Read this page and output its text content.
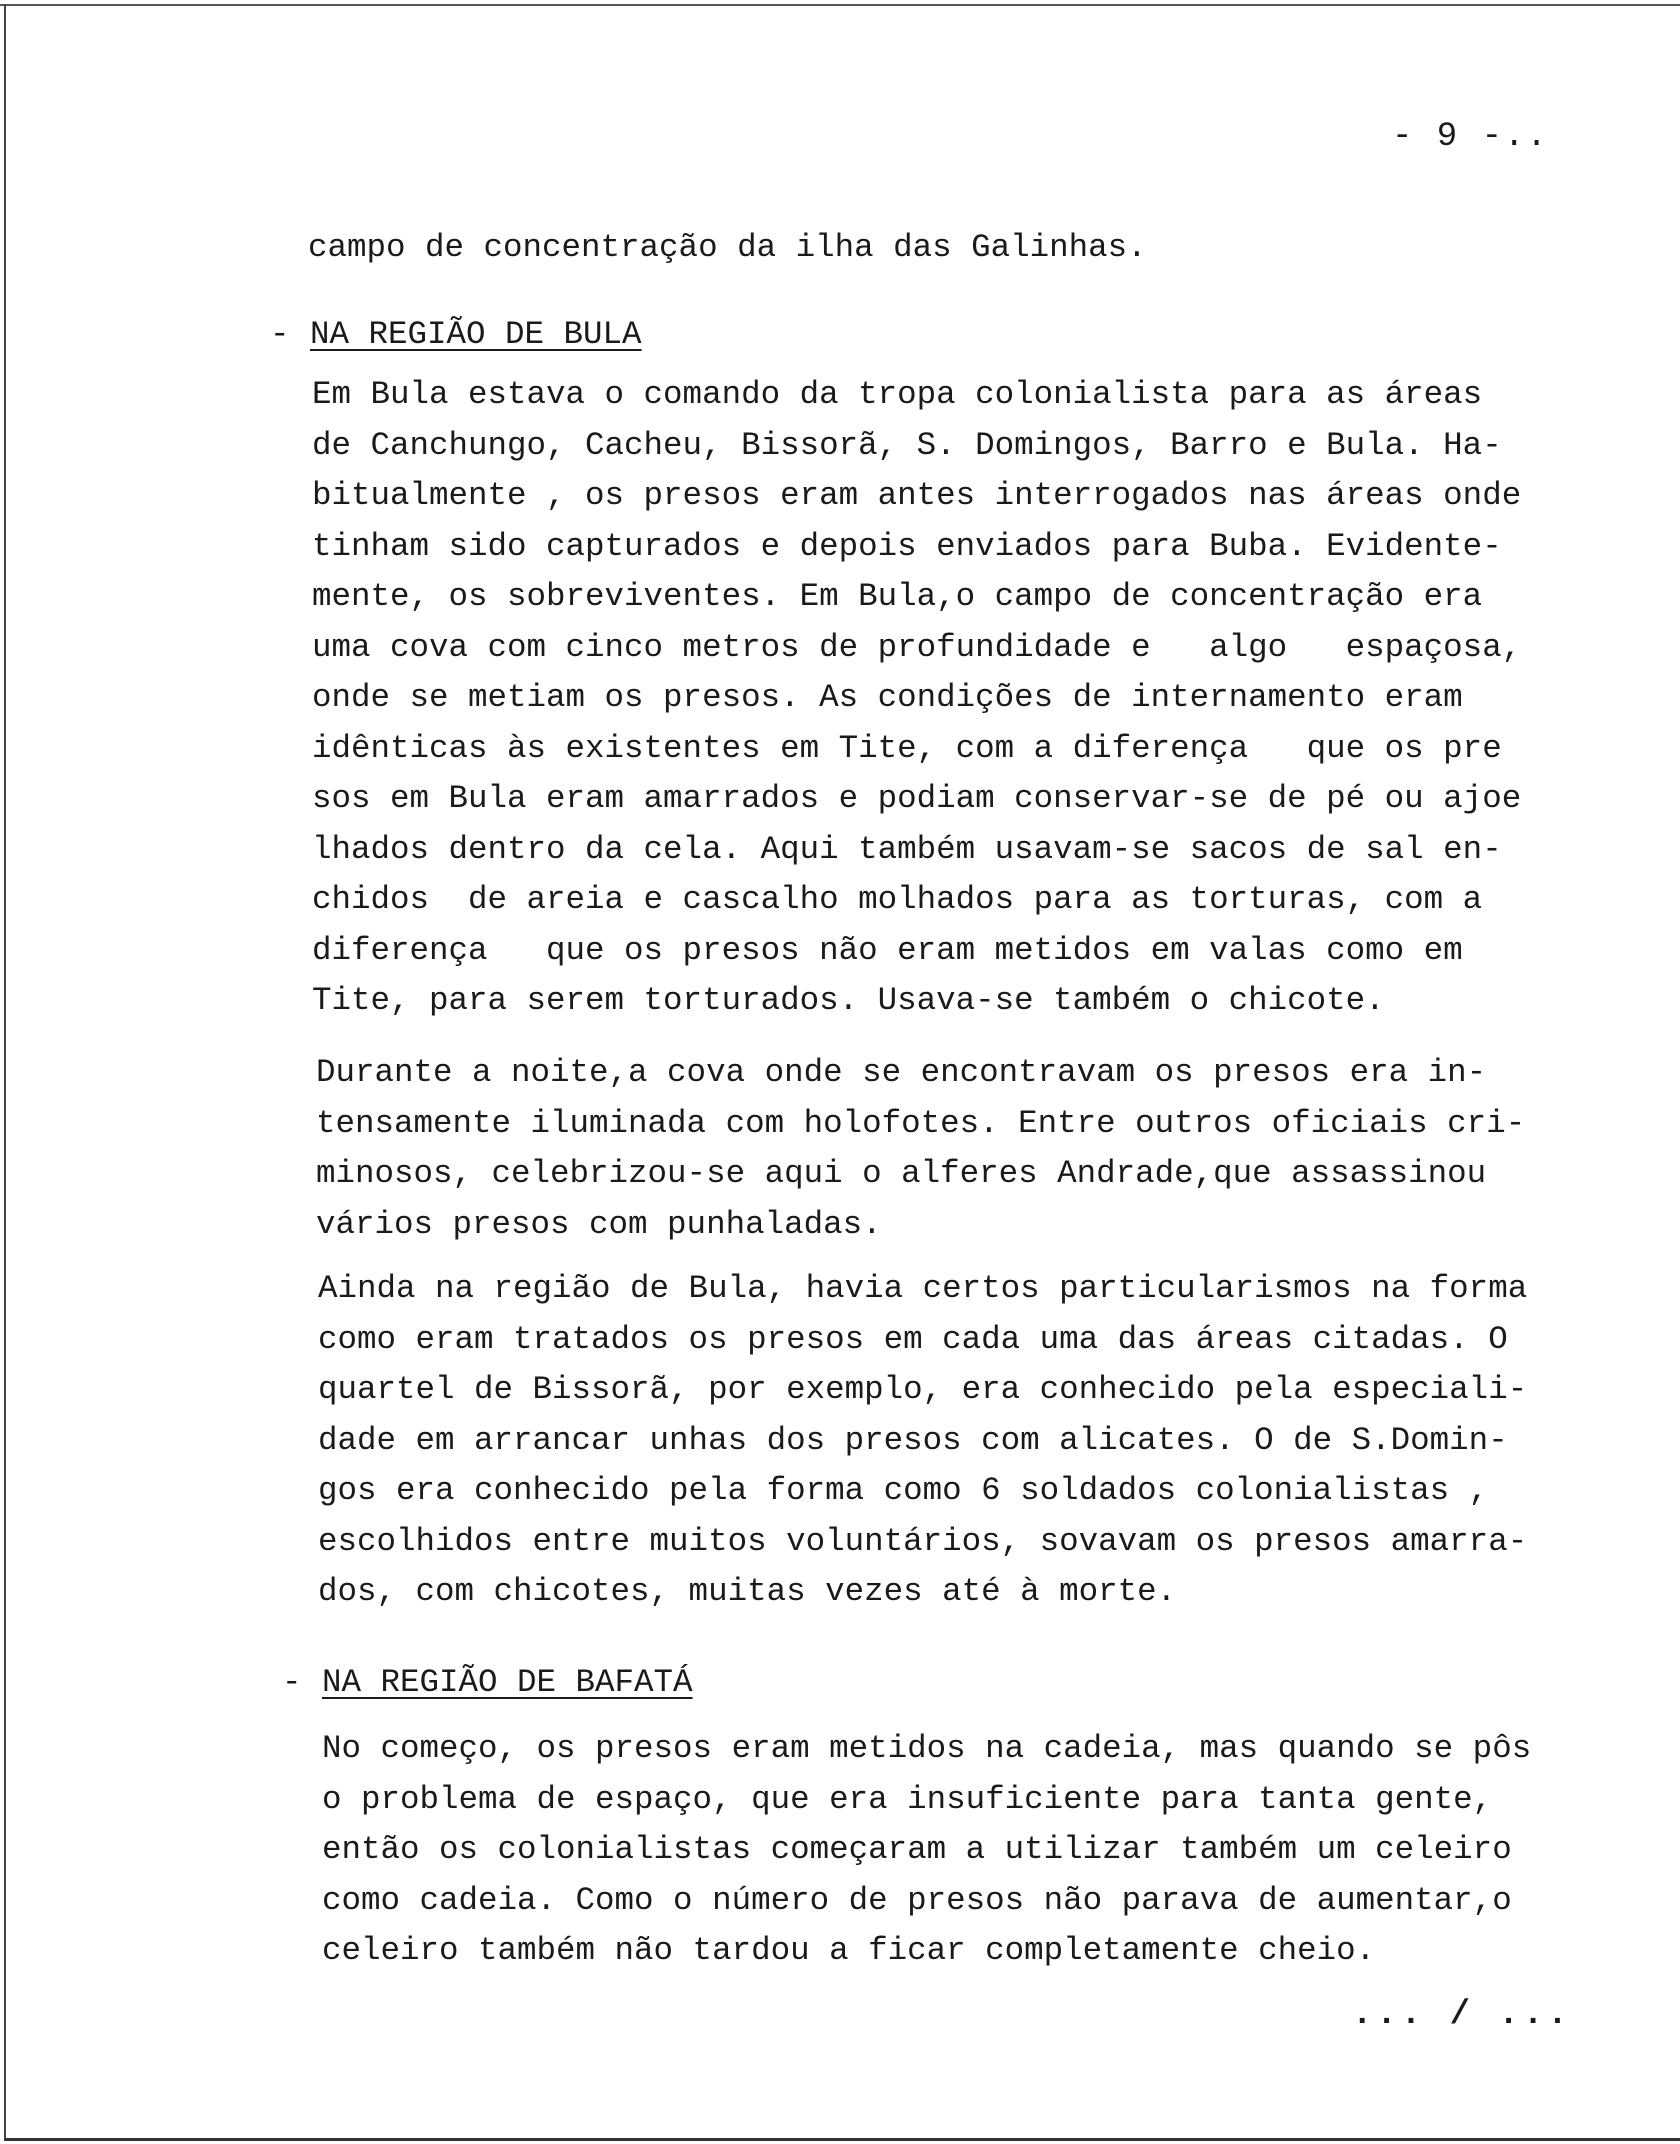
- 9 -..
campo de concentração da ilha das Galinhas.
- NA REGIÃO DE BULA
Em Bula estava o comando da tropa colonialista para as áreas
de Canchungo, Cacheu, Bissorã, S. Domingos, Barro e Bula. Ha-
bitualmente , os presos eram antes interrogados nas áreas onde
tinham sido capturados e depois enviados para Buba. Evidente-
mente, os sobreviventes. Em Bula,o campo de concentração era
uma cova com cinco metros de profundidade e   algo   espaçosa,
onde se metiam os presos. As condições de internamento eram
idênticas às existentes em Tite, com a diferença   que os pre
sos em Bula eram amarrados e podiam conservar-se de pé ou ajoe
lhados dentro da cela. Aqui também usavam-se sacos de sal en-
chidos  de areia e cascalho molhados para as torturas, com a
diferença   que os presos não eram metidos em valas como em
Tite, para serem torturados. Usava-se também o chicote.
Durante a noite,a cova onde se encontravam os presos era in-
tensamente iluminada com holofotes. Entre outros oficiais cri-
minosos, celebrizou-se aqui o alferes Andrade,que assassinou
vários presos com punhaladas.
Ainda na região de Bula, havia certos particularismos na forma
como eram tratados os presos em cada uma das áreas citadas. O
quartel de Bissorã, por exemplo, era conhecido pela especiali-
dade em arrancar unhas dos presos com alicates. O de S.Domin-
gos era conhecido pela forma como 6 soldados colonialistas ,
escolhidos entre muitos voluntários, sovavam os presos amarra-
dos, com chicotes, muitas vezes até à morte.
- NA REGIÃO DE BAFATÁ
No começo, os presos eram metidos na cadeia, mas quando se pôs
o problema de espaço, que era insuficiente para tanta gente,
então os colonialistas começaram a utilizar também um celeiro
como cadeia. Como o número de presos não parava de aumentar,o
celeiro também não tardou a ficar completamente cheio.
... / ...
